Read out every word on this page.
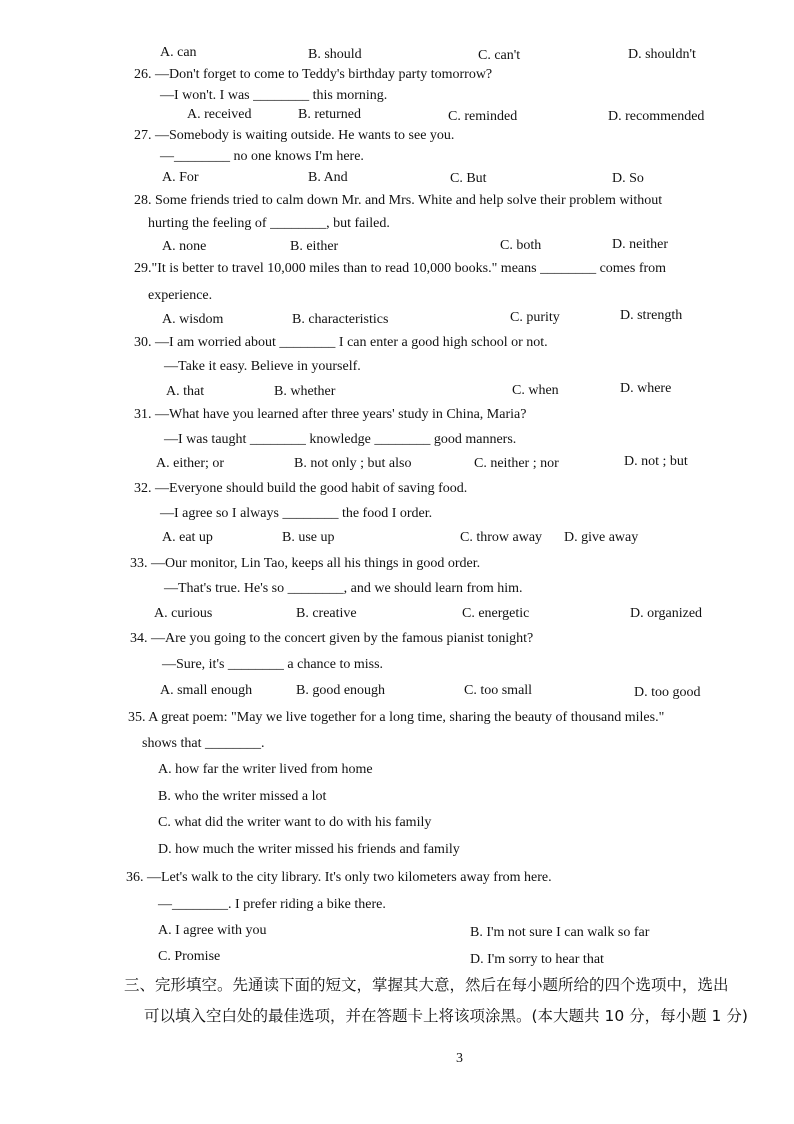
A. can	B. should	C. can't	D. shouldn't
26. —Don't forget to come to Teddy's birthday party tomorrow?
—I won't. I was ________ this morning.
A. received	B. returned	C. reminded	D. recommended
27. —Somebody is waiting outside. He wants to see you.
—________ no one knows I'm here.
A. For	B. And	C. But	D. So
28. Some friends tried to calm down Mr. and Mrs. White and help solve their problem without
hurting the feeling of ________, but failed.
A. none	B. either	C. both	D. neither
29."It is better to travel 10,000 miles than to read 10,000 books." means ________ comes from
experience.
A. wisdom	B. characteristics	C. purity	D. strength
30. —I am worried about ________ I can enter a good high school or not.
—Take it easy. Believe in yourself.
A. that	B. whether	C. when	D. where
31. —What have you learned after three years' study in China, Maria?
—I was taught ________ knowledge ________ good manners.
A. either; or	B. not only ; but also	C. neither ; nor	D. not ; but
32. —Everyone should build the good habit of saving food.
—I agree so I always ________ the food I order.
A. eat up	B. use up	C. throw away D. give away
33. —Our monitor, Lin Tao, keeps all his things in good order.
—That's true. He's so ________, and we should learn from him.
A. curious	B. creative	C. energetic	D. organized
34. —Are you going to the concert given by the famous pianist tonight?
—Sure, it's ________ a chance to miss.
A. small enough	B. good enough	C. too small	D. too good
35. A great poem: "May we live together for a long time, sharing the beauty of thousand miles."
shows that ________.
A. how far the writer lived from home
B. who the writer missed a lot
C. what did the writer want to do with his family
D. how much the writer missed his friends and family
36. —Let's walk to the city library. It's only two kilometers away from here.
—________. I prefer riding a bike there.
A. I agree with you	B. I'm not sure I can walk so far
C. Promise	D. I'm sorry to hear that
三、完形填空。先通读下面的短文，掌握其大意，然后在每小题所给的四个选项中，选出
可以填入空白处的最佳选项，并在答题卡上将该项涂黑。(本大题共 10 分，每小题 1 分)
3
